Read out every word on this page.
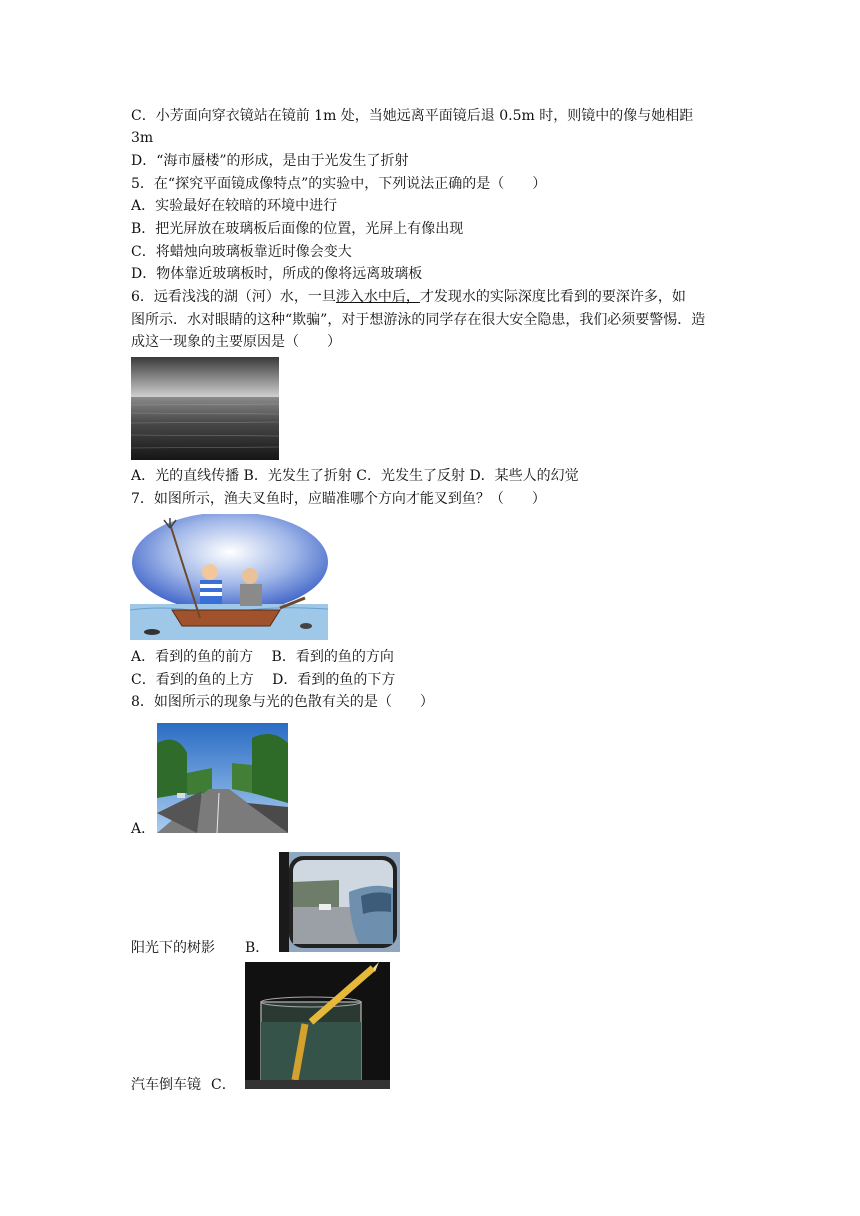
C．小芳面向穿衣镜站在镜前 1m 处，当她远离平面镜后退 0.5m 时，则镜中的像与她相距
3m
D．“海市蜃楼”的形成，是由于光发生了折射
5．在“探究平面镜成像特点”的实验中，下列说法正确的是（　　）
A．实验最好在较暗的环境中进行
B．把光屏放在玻璃板后面像的位置，光屏上有像出现
C．将蜡烛向玻璃板靠近时像会变大
D．物体靠近玻璃板时，所成的像将远离玻璃板
6．远看浅浅的湖（河）水，一旦涉入水中后，才发现水的实际深度比看到的要深许多，如
图所示．水对眼睛的这种“欺骗”，对于想游泳的同学存在很大安全隐患，我们必须要警惕．造
成这一现象的主要原因是（　　）
A．光的直线传播 B．光发生了折射 C．光发生了反射 D．某些人的幻觉
7．如图所示，渔夫叉鱼时，应瞄准哪个方向才能叉到鱼？（　　）
A．看到的鱼的前方　 B．看到的鱼的方向
C．看到的鱼的上方　 D．看到的鱼的下方
8．如图所示的现象与光的色散有关的是（　　）
A．
阳光下的树影 B．
汽车倒车镜 C．
